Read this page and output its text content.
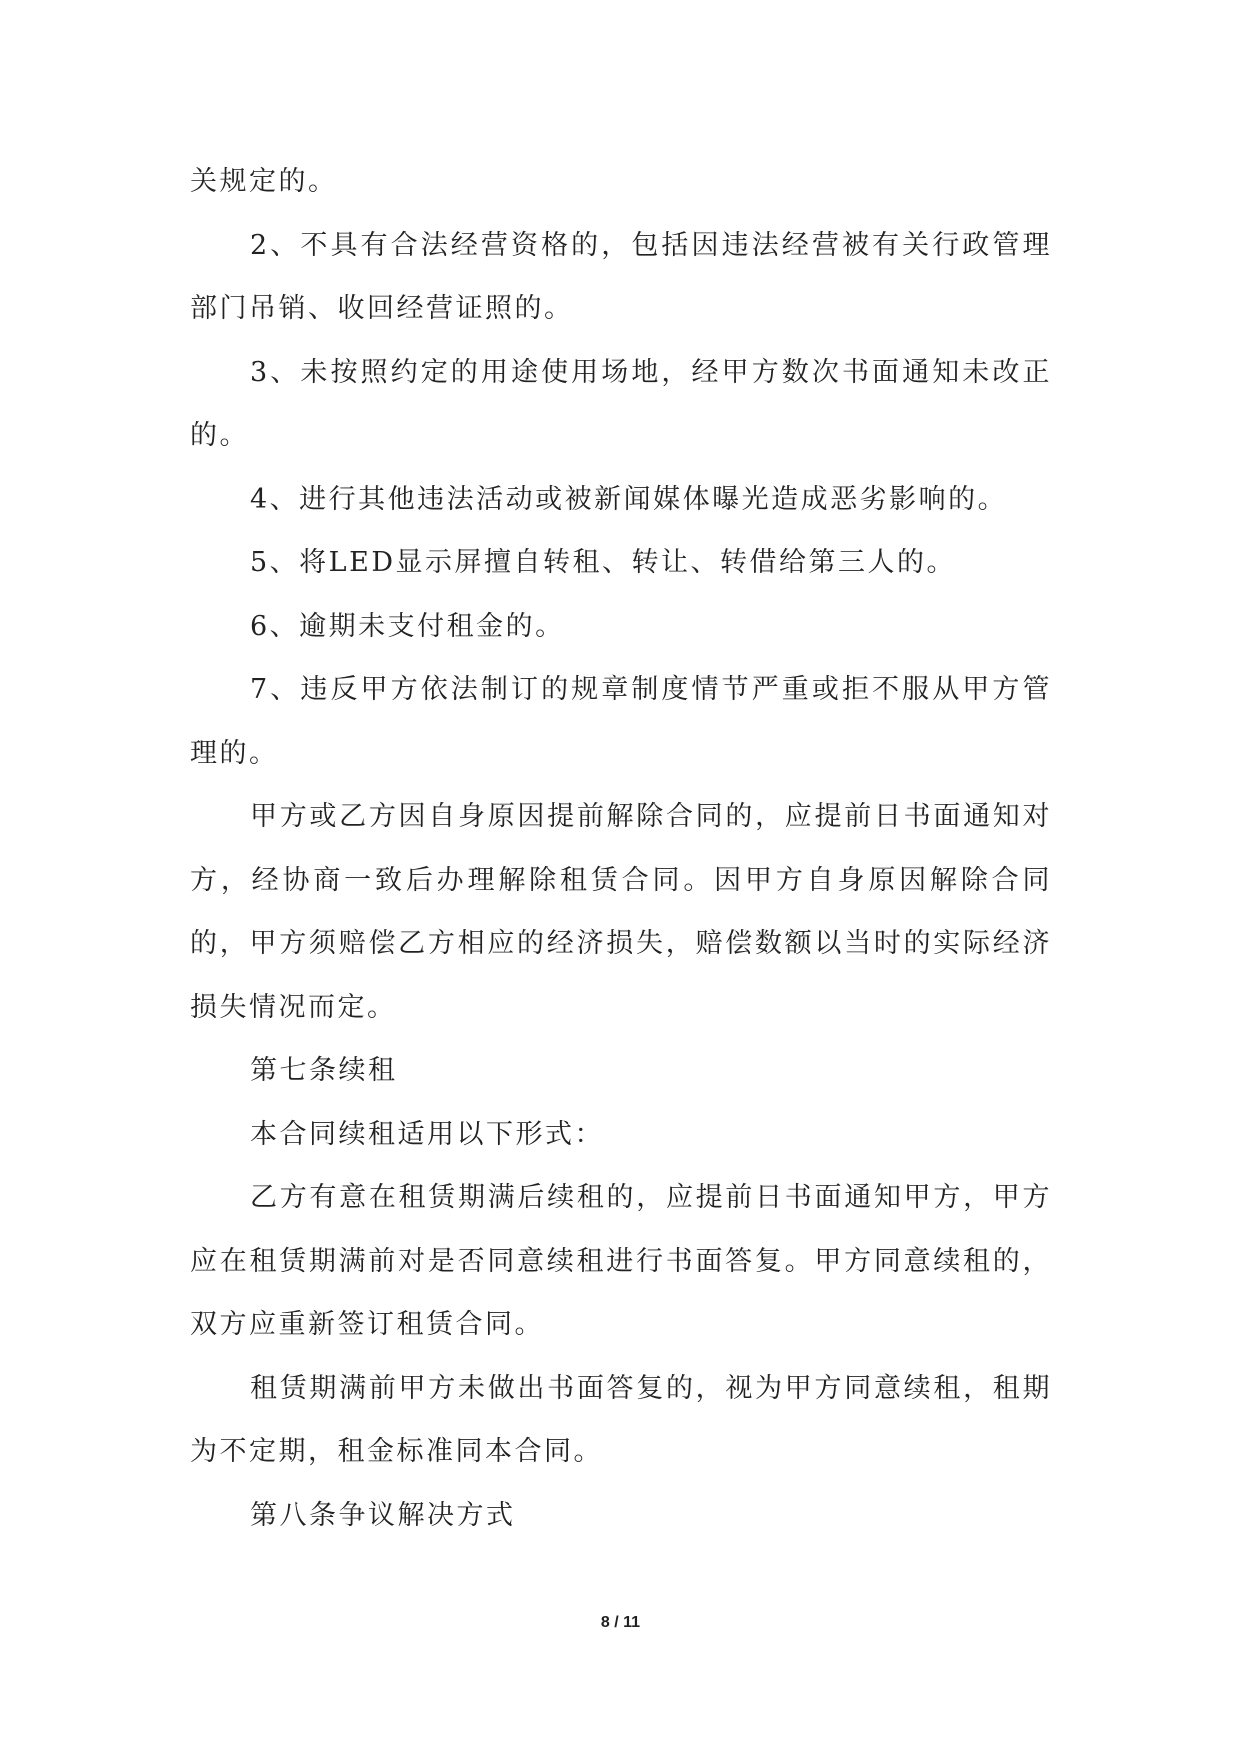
关规定的。

2、不具有合法经营资格的，包括因违法经营被有关行政管理部门吊销、收回经营证照的。

3、未按照约定的用途使用场地，经甲方数次书面通知未改正的。

4、进行其他违法活动或被新闻媒体曝光造成恶劣影响的。

5、将LED显示屏擅自转租、转让、转借给第三人的。

6、逾期未支付租金的。

7、违反甲方依法制订的规章制度情节严重或拒不服从甲方管理的。

甲方或乙方因自身原因提前解除合同的，应提前日书面通知对方，经协商一致后办理解除租赁合同。因甲方自身原因解除合同的，甲方须赔偿乙方相应的经济损失，赔偿数额以当时的实际经济损失情况而定。

第七条续租

本合同续租适用以下形式：

乙方有意在租赁期满后续租的，应提前日书面通知甲方，甲方应在租赁期满前对是否同意续租进行书面答复。甲方同意续租的，双方应重新签订租赁合同。

租赁期满前甲方未做出书面答复的，视为甲方同意续租，租期为不定期，租金标准同本合同。

第八条争议解决方式

8 / 11
